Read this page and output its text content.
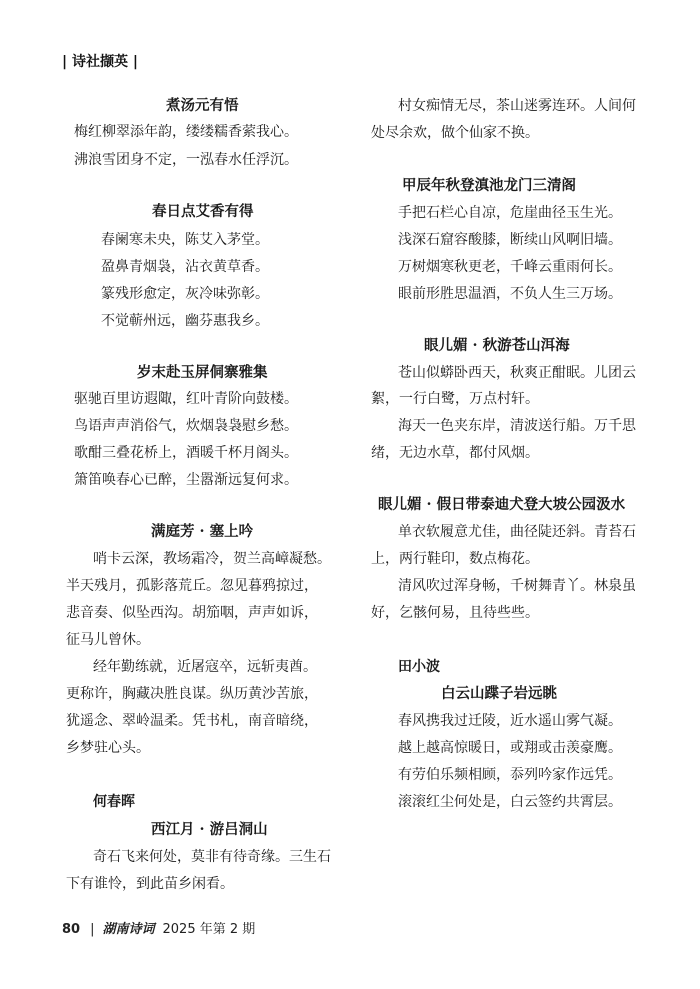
| 诗社撷英 |
煮汤元有悟
梅红柳翠添年韵，缕缕糯香萦我心。
沸浪雪团身不定，一泓春水任浮沉。
春日点艾香有得
春阑寒未央，陈艾入茅堂。
盈鼻青烟袅，沾衣黄草香。
篆残形愈定，灰冷味弥彰。
不觉蕲州远，幽芬惠我乡。
岁末赴玉屏侗寨雅集
驱驰百里访遐陬，红叶青阶向鼓楼。
鸟语声声消俗气，炊烟袅袅慰乡愁。
歌酣三叠花桥上，酒暖千杯月阁头。
箫笛唤春心已醉，尘嚣渐远复何求。
满庭芳 · 塞上吟
哨卡云深，教场霜冷，贺兰高嶂凝愁。
半天残月，孤影落荒丘。忽见暮鸦掠过，
悲音奏、似坠西沟。胡笳咽，声声如诉，
征马儿曾休。
经年勤练就，近屠寇卒，远斩夷酋。
更称许，胸藏决胜良谋。纵历黄沙苦旅，
犹遥念、翠岭温柔。凭书札，南音暗绕，
乡梦驻心头。
何春晖
西江月 · 游吕洞山
奇石飞来何处，莫非有待奇缘。三生石
下有谁怜，到此苗乡闲看。
村女痴情无尽，茶山迷雾连环。人间何
处尽余欢，做个仙家不换。
甲辰年秋登滇池龙门三清阁
手把石栏心自凉，危崖曲径玉生光。
浅深石窟容酸膝，断续山风啊旧墙。
万树烟寒秋更老，千峰云重雨何长。
眼前形胜思温酒，不负人生三万场。
眼儿媚 · 秋游苍山洱海
苍山似蟒卧西天，秋爽正酣眠。儿团云
絮，一行白鹭，万点村轩。
海天一色夹东岸，清波送行船。万千思
绪，无边水草，都付风烟。
眼儿媚 · 假日带泰迪犬登大坡公园汲水
单衣软履意尤佳，曲径陡还斜。青苔石
上，两行鞋印，数点梅花。
清风吹过浑身畅，千树舞青丫。林泉虽
好，乞骸何易，且待些些。
田小波
白云山蹀子岩远眺
春风携我过迁陵，近水遥山雾气凝。
越上越高惊暖日，或翔或击羡豪鹰。
有劳伯乐频相顾，忝列吟家作远凭。
滚滚红尘何处是，白云签约共霄层。
80 | 湖南诗词 2025 年第 2 期
